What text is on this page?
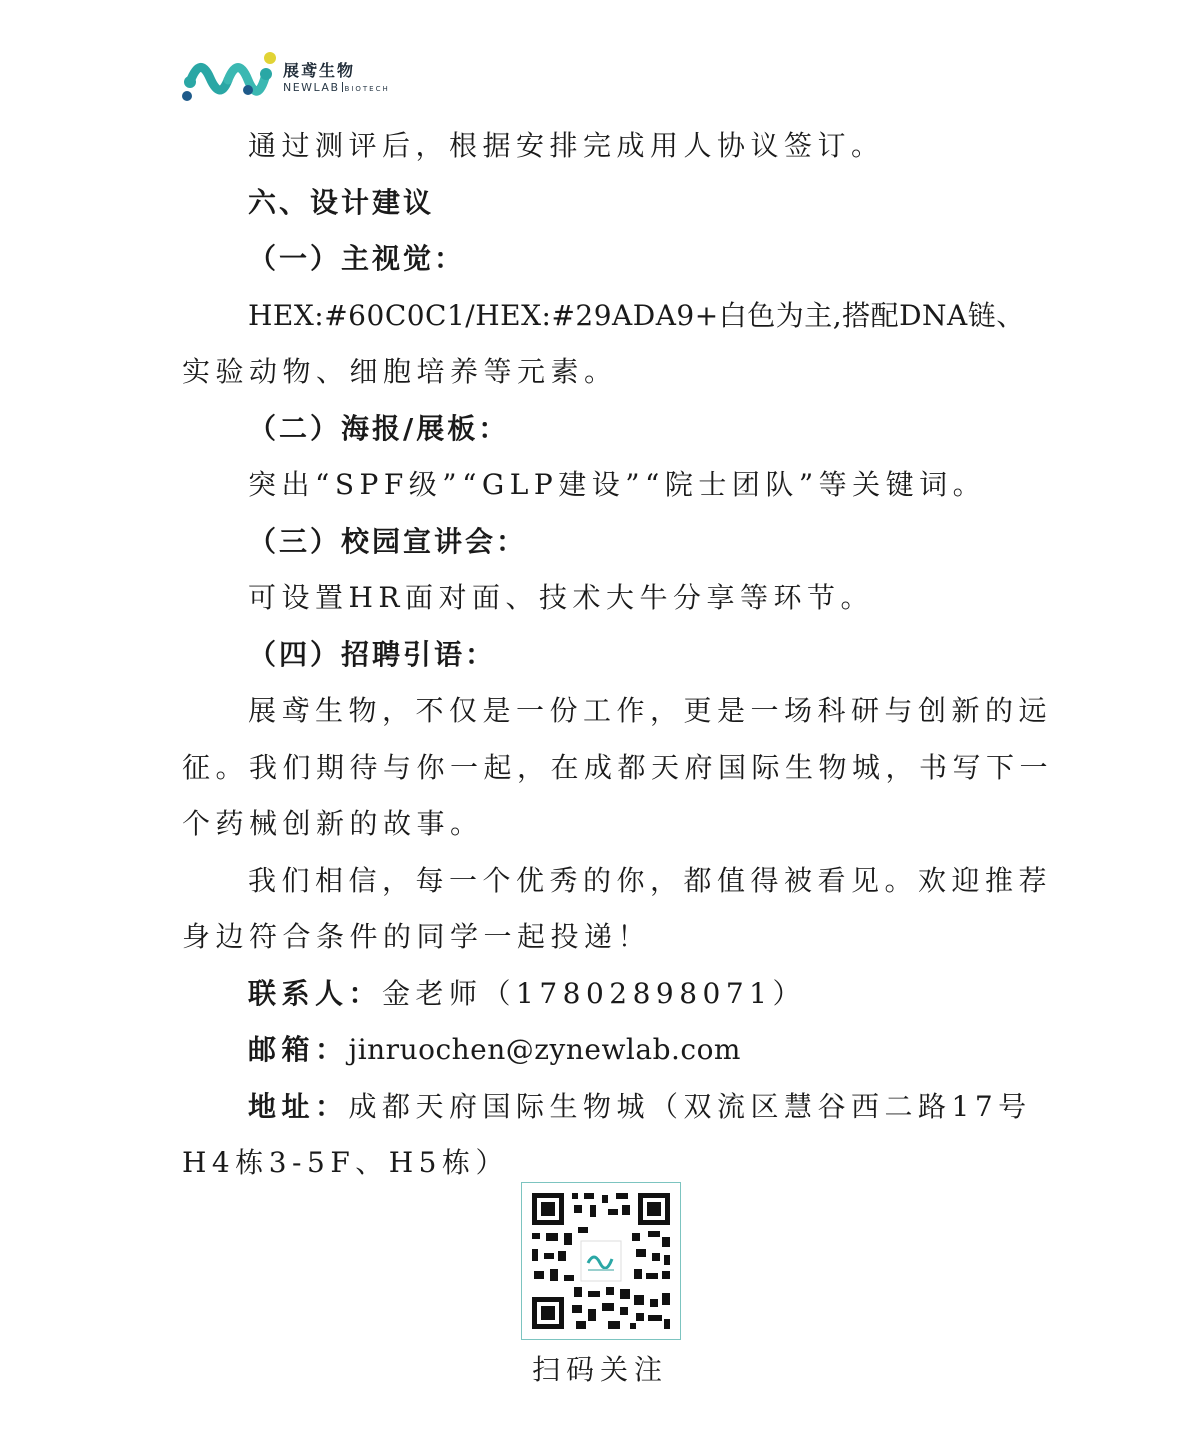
展鸢生物
NEWLAB BIOTECH
通过测评后，根据安排完成用人协议签订。
六、设计建议
（一）主视觉：
HEX:#60C0C1/HEX:#29ADA9+白色为主,搭配DNA链、
实验动物、细胞培养等元素。
（二）海报/展板：
突出“SPF级”“GLP建设”“院士团队”等关键词。
（三）校园宣讲会：
可设置HR面对面、技术大牛分享等环节。
（四）招聘引语：
展鸢生物，不仅是一份工作，更是一场科研与创新的远
征。我们期待与你一起，在成都天府国际生物城，书写下一
个药械创新的故事。
我们相信，每一个优秀的你，都值得被看见。欢迎推荐
身边符合条件的同学一起投递！
联系人：金老师（17802898071）
邮箱：jinruochen@zynewlab.com
地址：成都天府国际生物城（双流区慧谷西二路17号
H4栋3-5F、H5栋）
扫码关注
